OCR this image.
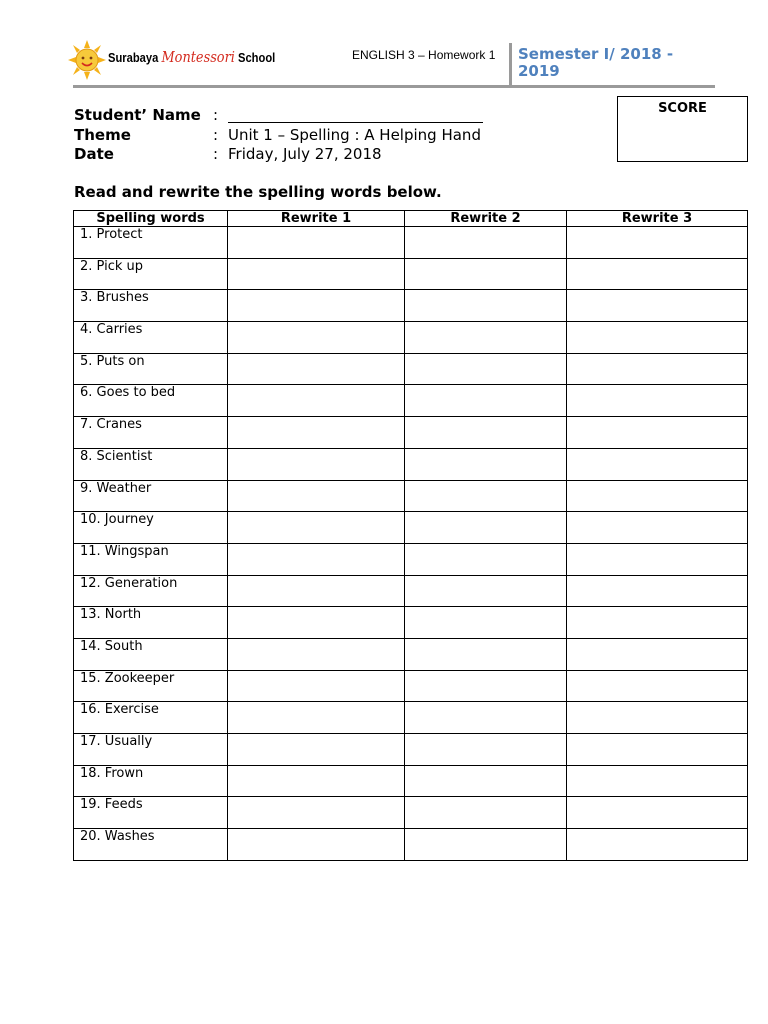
Surabaya Montessori School	ENGLISH 3 – Homework 1 Semester I/ 2018 - 2019
SCORE
Student’ Name :
Theme	: Unit 1 – Spelling : A Helping Hand
Date	: Friday, July 27, 2018
Read and rewrite the spelling words below.
Spelling words	Rewrite 1	Rewrite 2	Rewrite 3
1. Protect			
2. Pick up			
3. Brushes			
4. Carries			
5. Puts on			
6. Goes to bed			
7. Cranes			
8. Scientist			
9. Weather			
10. Journey			
11. Wingspan			
12. Generation			
13. North			
14. South			
15. Zookeeper			
16. Exercise			
17. Usually			
18. Frown			
19. Feeds			
20. Washes			
